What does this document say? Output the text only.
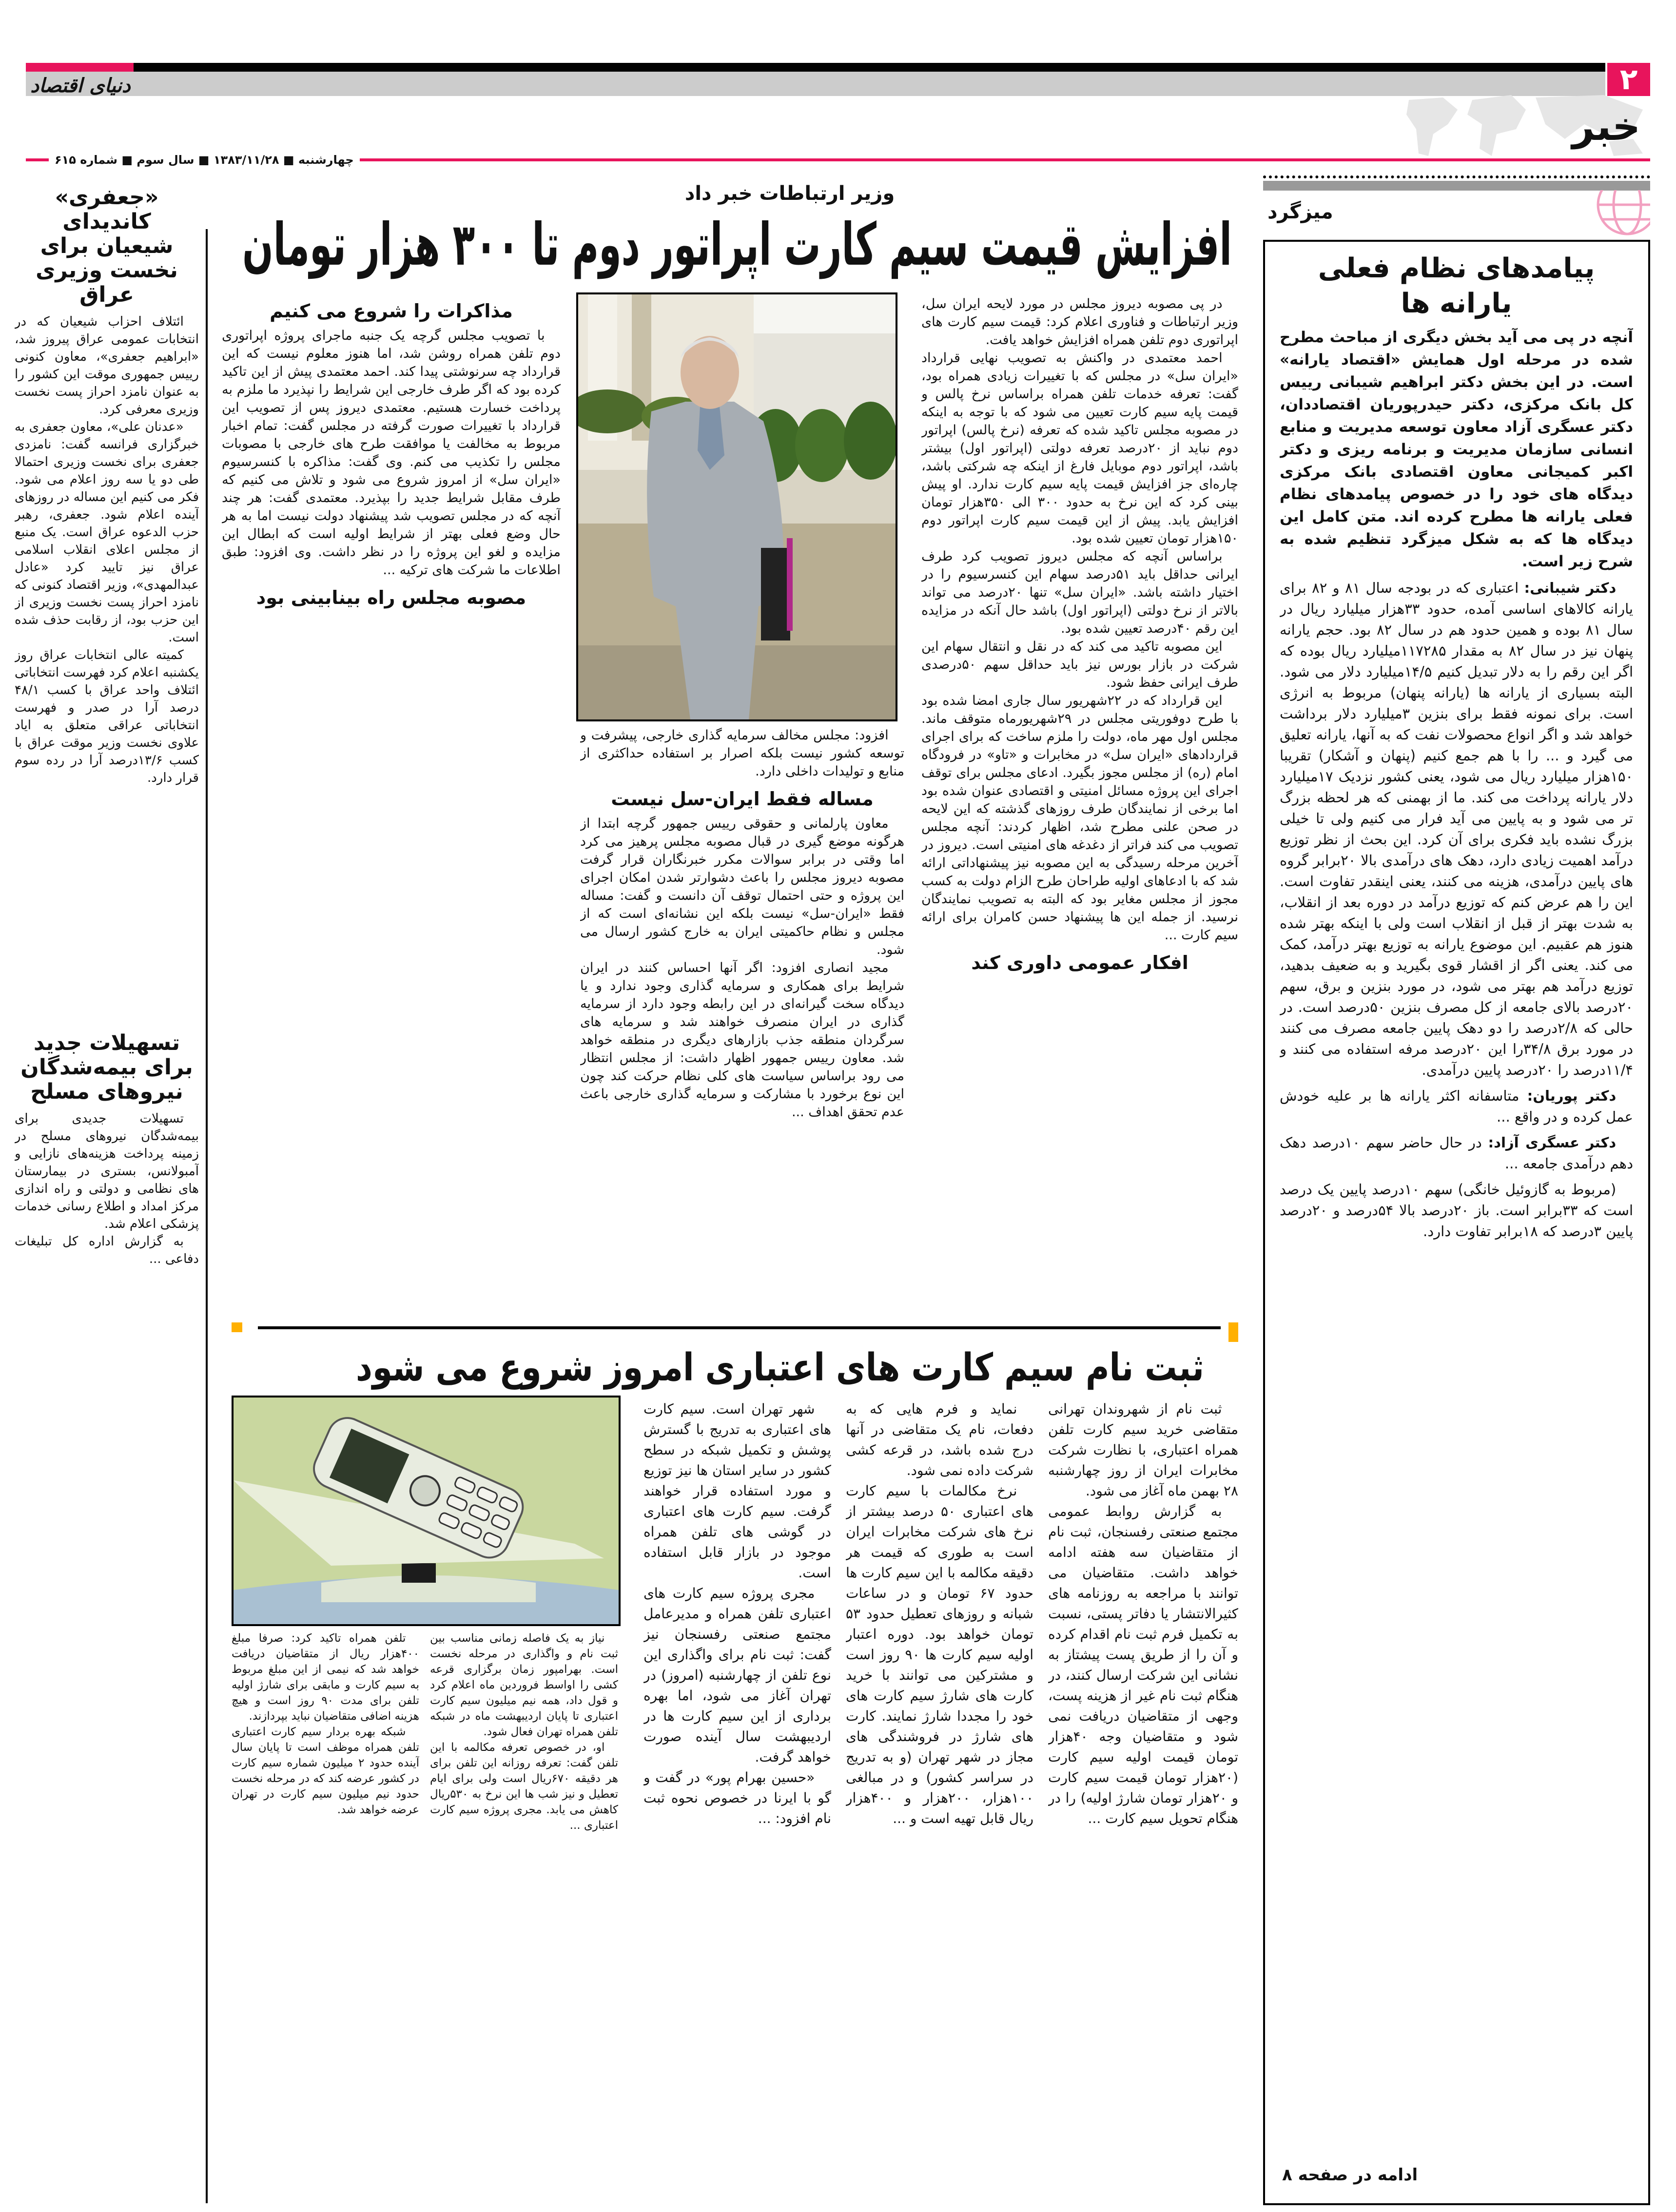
دنیای اقتصاد	۲
خبر
چهارشنبه ■ ۱۳۸۳/۱۱/۲۸ ■ سال سوم ■ شماره ۶۱۵
میزگرد
پیامدهای نظام فعلی یارانه ها

آنچه در پی می آید بخش دیگری از مباحث مطرح شده در مرحله اول همایش «اقتصاد یارانه» است. در این بخش دکتر ابراهیم شیبانی رییس کل بانک مرکزی، دکتر حیدرپوریان اقتصاددان، دکتر عسگری آزاد معاون توسعه مدیریت و منابع انسانی سازمان مدیریت و برنامه ریزی و دکتر اکبر کمیجانی معاون اقتصادی بانک مرکزی دیدگاه های خود را در خصوص پیامدهای نظام فعلی یارانه ها مطرح کرده اند. متن کامل این دیدگاه ها که به شکل میزگرد تنظیم شده به شرح زیر است.

دکتر شیبانی: اعتباری که در بودجه سال ۸۱ و ۸۲ برای یارانه کالاهای اساسی آمده، حدود ۳۳هزار میلیارد ریال در سال ۸۱ بوده و همین حدود هم در سال ۸۲ بود. حجم یارانه پنهان نیز در سال ۸۲ به مقدار ۱۱۷۲۸۵میلیارد ریال بوده که اگر این رقم را به دلار تبدیل کنیم ۱۴/۵میلیارد دلار می شود. البته بسیاری از یارانه ها (یارانه پنهان) مربوط به انرژی است. برای نمونه فقط برای بنزین ۳میلیارد دلار برداشت خواهد شد و اگر انواع محصولات نفت که به آنها، یارانه تعلیق می گیرد و ... را با هم جمع کنیم (پنهان و آشکار) تقریبا ۱۵۰هزار میلیارد ریال می شود، یعنی کشور نزدیک ۱۷میلیارد دلار یارانه پرداخت می کند. ما از بهمنی که هر لحظه بزرگ تر می شود و به پایین می آید فرار می کنیم ولی تا خیلی بزرگ نشده باید فکری برای آن کرد. این بحث از نظر توزیع درآمد اهمیت زیادی دارد، دهک های درآمدی بالا ۲۰برابر گروه های پایین درآمدی، هزینه می کنند، یعنی اینقدر تفاوت است. این را هم عرض کنم که توزیع درآمد در دوره بعد از انقلاب، به شدت بهتر از قبل از انقلاب است ولی با اینکه بهتر شده هنوز هم عقبیم. این موضوع یارانه به توزیع بهتر درآمد، کمک می کند. یعنی اگر از اقشار قوی بگیرید و به ضعیف بدهید، توزیع درآمد هم بهتر می شود، در مورد بنزین و برق، سهم ۲۰درصد بالای جامعه از کل مصرف بنزین ۵۰درصد است. در حالی که ۲/۸درصد را دو دهک پایین جامعه مصرف می کنند در مورد برق ۳۴/۸را این ۲۰درصد مرفه استفاده می کنند و ۱۱/۴درصد را ۲۰درصد پایین درآمدی.

دکتر پوریان: متاسفانه اکثر یارانه ها بر علیه خودش عمل کرده و در واقع ...

دکتر عسگری آزاد: در حال حاضر سهم ۱۰درصد دهک دهم درآمدی جامعه ...

(مربوط به گازوئیل خانگی) سهم ۱۰درصد پایین یک درصد است که ۳۳برابر است. باز ۲۰درصد بالا ۵۴درصد و ۲۰درصد پایین ۳درصد که ۱۸برابر تفاوت دارد.

ادامه در صفحه ۸
وزیر ارتباطات خبر داد
افزایش قیمت سیم کارت اپراتور دوم تا ۳۰۰ هزار تومان

در پی مصوبه دیروز مجلس در مورد لایحه ایران سل، وزیر ارتباطات و فناوری اعلام کرد: قیمت سیم کارت های اپراتوری دوم تلفن همراه افزایش خواهد یافت.

احمد معتمدی در واکنش به تصویب نهایی قرارداد «ایران سل» در مجلس که با تغییرات زیادی همراه بود، گفت: تعرفه خدمات تلفن همراه براساس نرخ پالس و قیمت پایه سیم کارت تعیین می شود که با توجه به اینکه در مصوبه مجلس تاکید شده که تعرفه (نرخ پالس) اپراتور دوم نباید از ۲۰درصد تعرفه دولتی (اپراتور اول) بیشتر باشد، اپراتور دوم موبایل فارغ از اینکه چه شرکتی باشد، چاره‌ای جز افزایش قیمت پایه سیم کارت ندارد. او پیش بینی کرد که این نرخ به حدود ۳۰۰ الی ۳۵۰هزار تومان افزایش یابد. پیش از این قیمت سیم کارت اپراتور دوم ۱۵۰هزار تومان تعیین شده بود.

براساس آنچه که مجلس دیروز تصویب کرد طرف ایرانی حداقل باید ۵۱درصد سهام این کنسرسیوم را در اختیار داشته باشد. «ایران سل» تنها ۲۰درصد می تواند بالاتر از نرخ دولتی (اپراتور اول) باشد حال آنکه در مزایده این رقم ۴۰درصد تعیین شده بود.

این مصوبه تاکید می کند که در نقل و انتقال سهام این شرکت در بازار بورس نیز باید حداقل سهم ۵۰درصدی طرف ایرانی حفظ شود.

این قرارداد که در ۲۲شهریور سال جاری امضا شده بود با طرح دوفوریتی مجلس در ۲۹شهریورماه متوقف ماند. مجلس اول مهر ماه، دولت را ملزم ساخت که برای اجرای قراردادهای «ایران سل» در مخابرات و «تاو» در فرودگاه امام (ره) از مجلس مجوز بگیرد. ادعای مجلس برای توقف اجرای این پروژه مسائل امنیتی و اقتصادی عنوان شده بود اما برخی از نمایندگان طرف روزهای گذشته که این لایحه در صحن علنی مطرح شد، اظهار کردند: آنچه مجلس تصویب می کند فراتر از دغدغه های امنیتی است. دیروز در آخرین مرحله رسیدگی به این مصوبه نیز پیشنهاداتی ارائه شد که با ادعاهای اولیه طراحان طرح الزام دولت به کسب مجوز از مجلس مغایر بود که البته به تصویب نمایندگان نرسید. از جمله این ها پیشنهاد حسن کامران برای ارائه سیم کارت ...

افکار عمومی داوری کند

افزود: مجلس مخالف سرمایه گذاری خارجی، پیشرفت و توسعه کشور نیست بلکه اصرار بر استفاده حداکثری از منابع و تولیدات داخلی دارد.

مساله فقط ایران-سل نیست

معاون پارلمانی و حقوقی رییس جمهور گرچه ابتدا از هرگونه موضع گیری در قبال مصوبه مجلس پرهیز می کرد اما وقتی در برابر سوالات مکرر خبرنگاران قرار گرفت مصوبه دیروز مجلس را باعث دشوارتر شدن امکان اجرای این پروژه و حتی احتمال توقف آن دانست و گفت: مساله فقط «ایران-سل» نیست بلکه این نشانه‌ای است که از مجلس و نظام حاکمیتی ایران به خارج کشور ارسال می شود.

مجید انصاری افزود: اگر آنها احساس کنند در ایران شرایط برای همکاری و سرمایه گذاری وجود ندارد و یا دیدگاه سخت گیرانه‌ای در این رابطه وجود دارد از سرمایه گذاری در ایران منصرف خواهند شد و سرمایه های سرگردان منطقه جذب بازارهای دیگری در منطقه خواهد شد. معاون رییس جمهور اظهار داشت: از مجلس انتظار می رود براساس سیاست های کلی نظام حرکت کند چون این نوع برخورد با مشارکت و سرمایه گذاری خارجی باعث عدم تحقق اهداف ...

مذاکرات را شروع می کنیم

با تصویب مجلس گرچه یک جنبه ماجرای پروژه اپراتوری دوم تلفن همراه روشن شد، اما هنوز معلوم نیست که این قرارداد چه سرنوشتی پیدا کند. احمد معتمدی پیش از این تاکید کرده بود که اگر طرف خارجی این شرایط را نپذیرد ما ملزم به پرداخت خسارت هستیم. معتمدی دیروز پس از تصویب این قرارداد با تغییرات صورت گرفته در مجلس گفت: تمام اخبار مربوط به مخالفت یا موافقت طرح های خارجی با مصوبات مجلس را تکذیب می کنم. وی گفت: مذاکره با کنسرسیوم «ایران سل» از امروز شروع می شود و تلاش می کنیم که طرف مقابل شرایط جدید را بپذیرد. معتمدی گفت: هر چند آنچه که در مجلس تصویب شد پیشنهاد دولت نیست اما به هر حال وضع فعلی بهتر از شرایط اولیه است که ابطال این مزایده و لغو این پروژه را در نظر داشت. وی افزود: طبق اطلاعات ما شرکت های ترکیه ...

مصوبه مجلس راه بینابینی بود
«جعفری» کاندیدای
شیعیان برای
نخست وزیری عراق

ائتلاف احزاب شیعیان که در انتخابات عمومی عراق پیروز شد، «ابراهیم جعفری»، معاون کنونی رییس جمهوری موقت این کشور را به عنوان نامزد احراز پست نخست وزیری معرفی کرد.

«عدنان علی»، معاون جعفری به خبرگزاری فرانسه گفت: نامزدی جعفری برای نخست وزیری احتمالا طی دو یا سه روز اعلام می شود. فکر می کنیم این مساله در روزهای آینده اعلام شود. جعفری، رهبر حزب الدعوه عراق است. یک منبع از مجلس اعلای انقلاب اسلامی عراق نیز تایید کرد «عادل عبدالمهدی»، وزیر اقتصاد کنونی که نامزد احراز پست نخست وزیری از این حزب بود، از رقابت حذف شده است.

کمیته عالی انتخابات عراق روز یکشنبه اعلام کرد فهرست انتخاباتی ائتلاف واحد عراق با کسب ۴۸/۱ درصد آرا در صدر و فهرست انتخاباتی عراقی متعلق به ایاد علاوی نخست وزیر موقت عراق با کسب ۱۳/۶درصد آرا در رده سوم قرار دارد.

تسهیلات جدید
برای بیمه‌شدگان
نیروهای مسلح

تسهیلات جدیدی برای بیمه‌شدگان نیروهای مسلح در زمینه پرداخت هزینه‌های نازایی و آمبولانس، بستری در بیمارستان های نظامی و دولتی و راه اندازی مرکز امداد و اطلاع رسانی خدمات پزشکی اعلام شد.

به گزارش اداره کل تبلیغات دفاعی ...

ثبت نام سیم کارت های اعتباری امروز شروع می شود

تلفن همراه تاکید کرد: صرفا مبلغ ۴۰۰هزار ریال از متقاضیان دریافت خواهد شد که نیمی از این مبلغ مربوط به سیم کارت و مابقی برای شارژ اولیه تلفن برای مدت ۹۰ روز است و هیچ هزینه اضافی متقاضیان نباید بپردازند.

شبکه بهره بردار سیم کارت اعتباری تلفن همراه موظف است تا پایان سال آینده حدود ۲ میلیون شماره سیم کارت در کشور عرضه کند که در مرحله نخست حدود نیم میلیون سیم کارت در تهران عرضه خواهد شد.

نیاز به یک فاصله زمانی مناسب بین ثبت نام و واگذاری در مرحله نخست است. بهرامپور زمان برگزاری قرعه کشی را اواسط فروردین ماه اعلام کرد و قول داد، همه نیم میلیون سیم کارت اعتباری تا پایان اردیبهشت ماه در شبکه تلفن همراه تهران فعال شود.

او، در خصوص تعرفه مکالمه با این تلفن گفت: تعرفه روزانه این تلفن برای هر دقیقه ۶۷۰ریال است ولی برای ایام تعطیل و نیز شب ها این نرخ به ۵۳۰ریال کاهش می یابد. مجری پروژه سیم کارت اعتباری ...

شهر تهران است. سیم کارت های اعتباری به تدریج با گسترش پوشش و تکمیل شبکه در سطح کشور در سایر استان ها نیز توزیع و مورد استفاده قرار خواهند گرفت. سیم کارت های اعتباری در گوشی های تلفن همراه موجود در بازار قابل استفاده است.

مجری پروژه سیم کارت های اعتباری تلفن همراه و مدیرعامل مجتمع صنعتی رفسنجان نیز گفت: ثبت نام برای واگذاری این نوع تلفن از چهارشنبه (امروز) در تهران آغاز می شود، اما بهره برداری از این سیم کارت ها در اردیبهشت سال آینده صورت خواهد گرفت.

«حسین بهرام پور» در گفت و گو با ایرنا در خصوص نحوه ثبت نام افزود: ...

نماید و فرم هایی که به دفعات، نام یک متقاضی در آنها درج شده باشد، در قرعه کشی شرکت داده نمی شود.

نرخ مکالمات با سیم کارت های اعتباری ۵۰ درصد بیشتر از نرخ های شرکت مخابرات ایران است به طوری که قیمت هر دقیقه مکالمه با این سیم کارت ها حدود ۶۷ تومان و در ساعات شبانه و روزهای تعطیل حدود ۵۳ تومان خواهد بود. دوره اعتبار اولیه سیم کارت ها ۹۰ روز است و مشترکین می توانند با خرید کارت های شارژ سیم کارت های خود را مجددا شارژ نمایند. کارت های شارژ در فروشندگی های مجاز در شهر تهران (و به تدریج در سراسر کشور) و در مبالغی ۱۰۰هزار، ۲۰۰هزار و ۴۰۰هزار ریال قابل تهیه است و ...

ثبت نام از شهروندان تهرانی متقاضی خرید سیم کارت تلفن همراه اعتباری، با نظارت شرکت مخابرات ایران از روز چهارشنبه ۲۸ بهمن ماه آغاز می شود.

به گزارش روابط عمومی مجتمع صنعتی رفسنجان، ثبت نام از متقاضیان سه هفته ادامه خواهد داشت. متقاضیان می توانند با مراجعه به روزنامه های کثیرالانتشار یا دفاتر پستی، نسبت به تکمیل فرم ثبت نام اقدام کرده و آن را از طریق پست پیشتاز به نشانی این شرکت ارسال کنند، در هنگام ثبت نام غیر از هزینه پست، وجهی از متقاضیان دریافت نمی شود و متقاضیان وجه ۴۰هزار تومان قیمت اولیه سیم کارت (۲۰هزار تومان قیمت سیم کارت و ۲۰هزار تومان شارژ اولیه) را در هنگام تحویل سیم کارت ...
